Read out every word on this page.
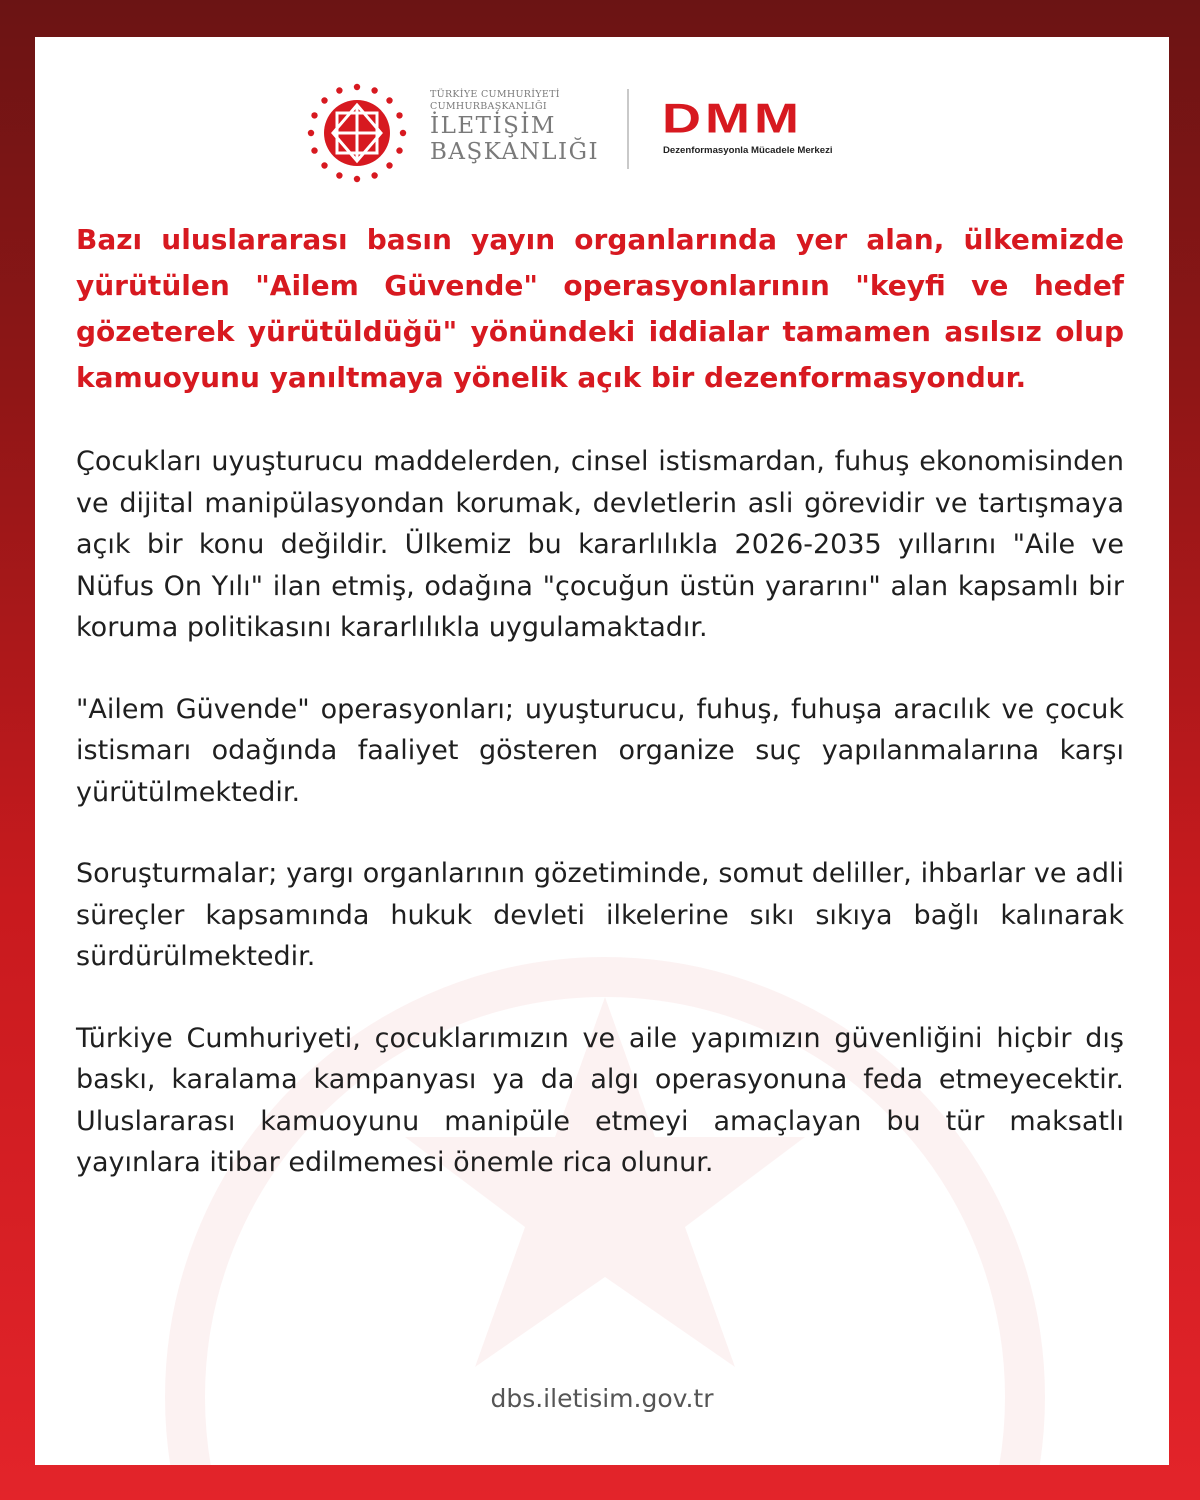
TÜRKİYE CUMHURİYETİ
CUMHURBAŞKANLIĞI
İLETİŞİM
BAŞKANLIĞI
DMM
Dezenformasyonla Mücadele Merkezi

Bazı uluslararası basın yayın organlarında yer alan, ülkemizde yürütülen "Ailem Güvende" operasyonlarının "keyfi ve hedef gözeterek yürütüldüğü" yönündeki iddialar tamamen asılsız olup kamuoyunu yanıltmaya yönelik açık bir dezenformasyondur.

Çocukları uyuşturucu maddelerden, cinsel istismardan, fuhuş ekonomisinden ve dijital manipülasyondan korumak, devletlerin asli görevidir ve tartışmaya açık bir konu değildir. Ülkemiz bu kararlılıkla 2026-2035 yıllarını "Aile ve Nüfus On Yılı" ilan etmiş, odağına "çocuğun üstün yararını" alan kapsamlı bir koruma politikasını kararlılıkla uygulamaktadır.

"Ailem Güvende" operasyonları; uyuşturucu, fuhuş, fuhuşa aracılık ve çocuk istismarı odağında faaliyet gösteren organize suç yapılanmalarına karşı yürütülmektedir.

Soruşturmalar; yargı organlarının gözetiminde, somut deliller, ihbarlar ve adli süreçler kapsamında hukuk devleti ilkelerine sıkı sıkıya bağlı kalınarak sürdürülmektedir.

Türkiye Cumhuriyeti, çocuklarımızın ve aile yapımızın güvenliğini hiçbir dış baskı, karalama kampanyası ya da algı operasyonuna feda etmeyecektir. Uluslararası kamuoyunu manipüle etmeyi amaçlayan bu tür maksatlı yayınlara itibar edilmemesi önemle rica olunur.

dbs.iletisim.gov.tr
